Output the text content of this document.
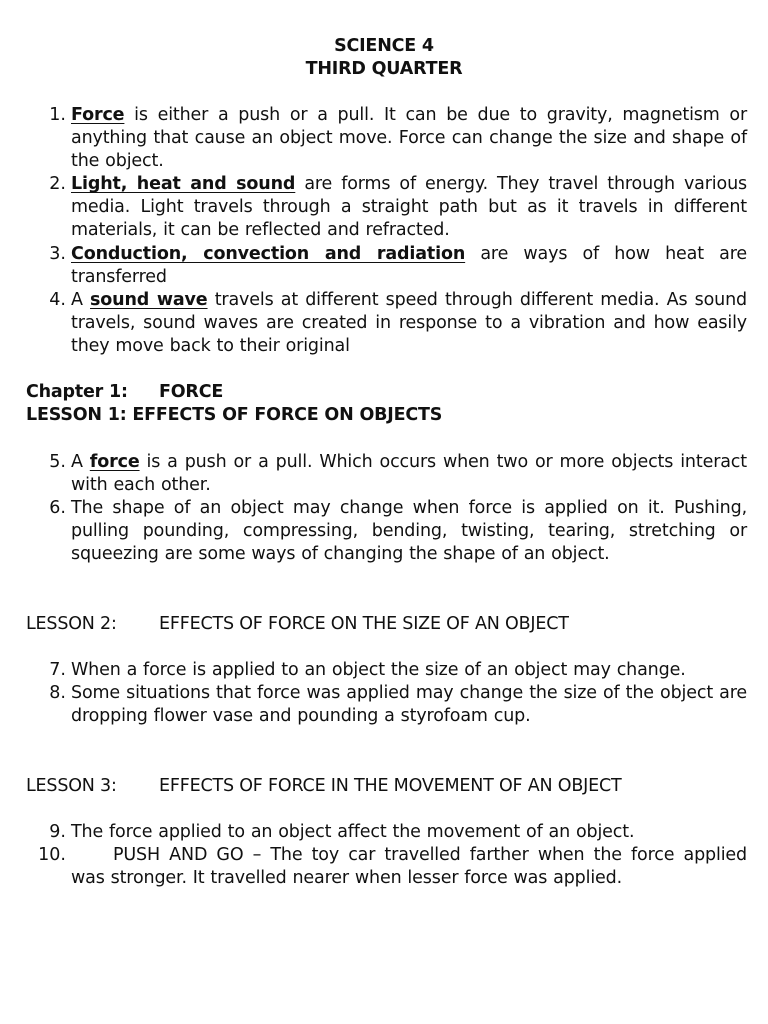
SCIENCE 4
THIRD QUARTER
1. Force is either a push or a pull. It can be due to gravity, magnetism or anything that cause an object move. Force can change the size and shape of the object.
2. Light, heat and sound are forms of energy. They travel through various media. Light travels through a straight path but as it travels in different materials, it can be reflected and refracted.
3. Conduction, convection and radiation are ways of how heat are transferred
4. A sound wave travels at different speed through different media. As sound travels, sound waves are created in response to a vibration and how easily they move back to their original
Chapter 1: FORCE
LESSON 1: EFFECTS OF FORCE ON OBJECTS
5. A force is a push or a pull. Which occurs when two or more objects interact with each other.
6. The shape of an object may change when force is applied on it. Pushing, pulling pounding, compressing, bending, twisting, tearing, stretching or squeezing are some ways of changing the shape of an object.
LESSON 2: EFFECTS OF FORCE ON THE SIZE OF AN OBJECT
7. When a force is applied to an object the size of an object may change.
8. Some situations that force was applied may change the size of the object are dropping flower vase and pounding a styrofoam cup.
LESSON 3: EFFECTS OF FORCE IN THE MOVEMENT OF AN OBJECT
9. The force applied to an object affect the movement of an object.
10.	PUSH AND GO – The toy car travelled farther when the force applied was stronger. It travelled nearer when lesser force was applied.
